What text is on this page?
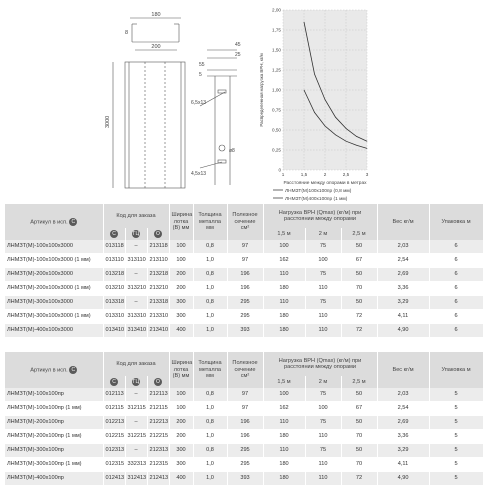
180
8
200
55
45
25
5
6,5x13
4,5x13
ø8
3000
0
0,25
0,50
0,75
1,00
1,25
1,50
1,75
2,00
1	1,5	2	2,5	3
Распределенная нагрузка ВРН, кг/м
Расстояние между опорами в метрах
ЛНМЗТ(М)100x100пр (0,8 мм)
ЛНМЗТ(М)400x100пр (1 мм)
Артикул в исп. С	Код для заказа			Ширина лотка (B) мм	Толщина металла мм	Полезное сечение см²	Нагрузка ВРН (Qmax) (кг/м) при расстоянии между опорами			Вес кг/м	Упаковка м
	С	ГЦ	О				1,5 м	2 м	2,5 м		
ЛНМЗТ(М)-100x100x3000	013118	–	213118	100	0,8	97	100	75	50	2,03	6
ЛНМЗТ(М)-100x100x3000 (1 мм)	013110	313110	213110	100	1,0	97	162	100	67	2,54	6
ЛНМЗТ(М)-200x100x3000	013218	–	213218	200	0,8	196	110	75	50	2,69	6
ЛНМЗТ(М)-200x100x3000 (1 мм)	013210	313210	213210	200	1,0	196	180	110	70	3,36	6
ЛНМЗТ(М)-300x100x3000	013318	–	213318	300	0,8	295	110	75	50	3,29	6
ЛНМЗТ(М)-300x100x3000 (1 мм)	013310	313310	213310	300	1,0	295	180	110	72	4,11	6
ЛНМЗТ(М)-400x100x3000	013410	313410	213410	400	1,0	393	180	110	72	4,90	6
Артикул в исп. С	Код для заказа			Ширина лотка (B) мм	Толщина металла мм	Полезное сечение см²	Нагрузка ВРН (Qmax) (кг/м) при расстоянии между опорами			Вес кг/м	Упаковка м
	С	ГЦ	О				1,5 м	2 м	2,5 м		
ЛНМЗТ(М)-100x100пр	012113	–	212113	100	0,8	97	100	75	50	2,03	5
ЛНМЗТ(М)-100x100пр (1 мм)	012115	312115	212115	100	1,0	97	162	100	67	2,54	5
ЛНМЗТ(М)-200x100пр	012213	–	212213	200	0,8	196	110	75	50	2,69	5
ЛНМЗТ(М)-200x100пр (1 мм)	012215	312215	212215	200	1,0	196	180	110	70	3,36	5
ЛНМЗТ(М)-300x100пр	012313	–	212313	300	0,8	295	110	75	50	3,29	5
ЛНМЗТ(М)-300x100пр (1 мм)	012315	332313	212315	300	1,0	295	180	110	70	4,11	5
ЛНМЗТ(М)-400x100пр	012413	312413	212413	400	1,0	393	180	110	72	4,90	5
